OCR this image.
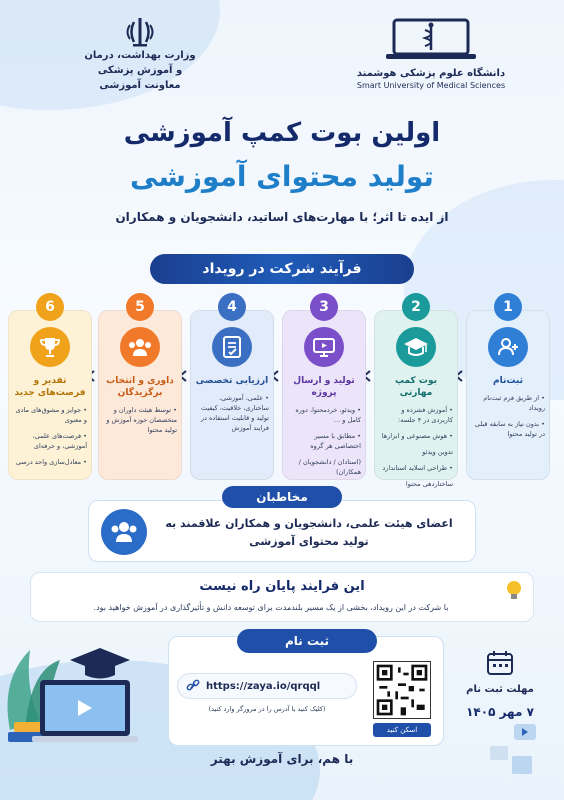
دانشگاه علوم پزشکی هوشمند
Smart University of Medical Sciences
وزارت بهداشت، درمان
و آموزش پزشکی
معاونت آموزشی
اولین بوت کمپ آموزشی
تولید محتوای آموزشی
از ایده تا اثر؛ با مهارت‌های اساتید، دانشجویان و همکاران
فرآیند شرکت در رویداد
1
ثبت‌نام
• از طریق فرم ثبت‌نام رویداد
• بدون نیاز به سابقه قبلی در تولید محتوا
2
بوت کمپ مهارتی
• آموزش فشرده و کاربردی در ۴ جلسه:
• هوش مصنوعی و ابزارها
تدوین ویدئو
• طراحی اسلاید استاندارد
ساختاردهی محتوا
3
تولید و ارسال پروژه
• ویدئو، خردمحتوا، دوره کامل و ...
• مطابق با مسیر اختصاصی هر گروه
(استادان / دانشجویان / همکاران)
4
ارزیابی تخصصی
• علمی، آموزشی، ساختاری، خلاقیت، کیفیت تولید و قابلیت استفاده در فرایند آموزش
5
داوری و انتخاب برگزیدگان
• توسط هیئت داوران و متخصصان حوزه آموزش و تولید محتوا
6
تقدیر و فرصت‌های جدید
• جوایز و مشوق‌های مادی و معنوی
• فرصت‌های علمی، آموزشی، و حرفه‌ای
• معادل‌سازی واحد درسی
اعضای هیئت علمی، دانشجویان و همکاران علاقمند به تولید محتوای آموزشی
مخاطبان
این فرایند پایان راه نیست
با شرکت در این رویداد، بخشی از یک مسیر بلندمدت برای توسعه دانش و تأثیرگذاری در آموزش خواهید بود.
ثبت نام
https://zaya.io/qrqql
(کلیک کنید یا آدرس را در مرورگر وارد کنید)
اسکن کنید
مهلت ثبت نام
۷ مهر ۱۴۰۵
با هم، برای آموزش بهتر
